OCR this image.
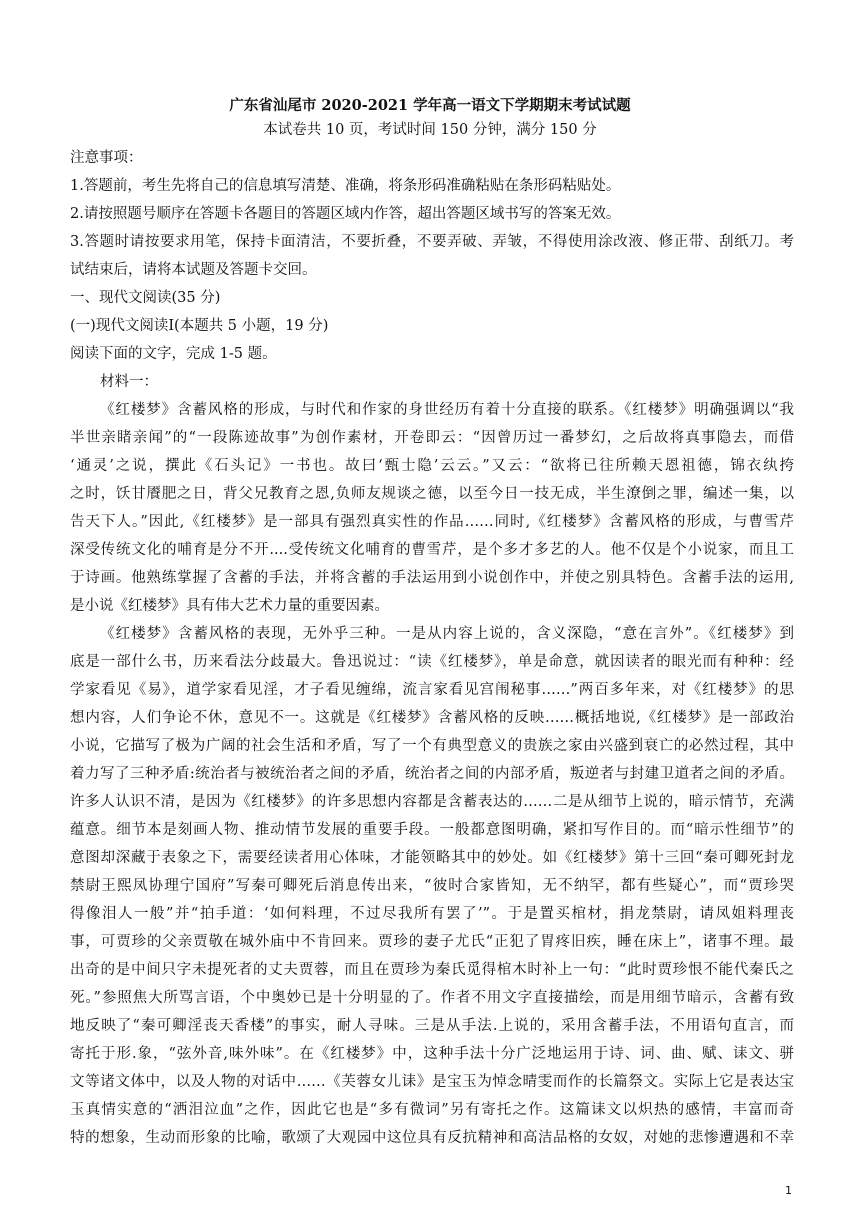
广东省汕尾市 2020-2021 学年高一语文下学期期末考试试题
本试卷共 10 页，考试时间 150 分钟，满分 150 分
注意事项：
1.答题前，考生先将自己的信息填写清楚、准确，将条形码准确粘贴在条形码粘贴处。
2.请按照题号顺序在答题卡各题目的答题区域内作答，超出答题区域书写的答案无效。
3.答题时请按要求用笔，保持卡面清洁，不要折叠，不要弄破、弄皱，不得使用涂改液、修正带、刮纸刀。考
试结束后，请将本试题及答题卡交回。
一、现代文阅读(35 分)
(一)现代文阅读Ⅰ(本题共 5 小题，19 分)
阅读下面的文字，完成 1-5 题。
材料一：
《红楼梦》含蓄风格的形成，与时代和作家的身世经历有着十分直接的联系。《红楼梦》明确强调以“我
半世亲睹亲闻”的“一段陈迹故事”为创作素材，开卷即云：“因曾历过一番梦幻，之后故将真事隐去，而借
‘通灵’之说，撰此《石头记》一书也。故曰‘甄士隐’云云。”又云：“欲将已往所赖天恩祖德，锦衣纨挎
之时，饫甘餍肥之日，背父兄教育之恩,负师友规谈之德，以至今日一技无成，半生潦倒之罪，编述一集，以
告天下人。”因此,《红楼梦》是一部具有强烈真实性的作品……同时,《红楼梦》含蓄风格的形成，与曹雪芹
深受传统文化的哺育是分不开....受传统文化哺育的曹雪芹，是个多才多艺的人。他不仅是个小说家，而且工
于诗画。他熟练掌握了含蓄的手法，并将含蓄的手法运用到小说创作中，并使之别具特色。含蓄手法的运用,
是小说《红楼梦》具有伟大艺术力量的重要因素。
《红楼梦》含蓄风格的表现，无外乎三种。一是从内容上说的，含义深隐，“意在言外”。《红楼梦》到
底是一部什么书，历来看法分歧最大。鲁迅说过：“读《红楼梦》，单是命意，就因读者的眼光而有种种：经
学家看见《易》，道学家看见淫，才子看见缠绵，流言家看见宫闱秘事……”两百多年来，对《红楼梦》的思
想内容，人们争论不休，意见不一。这就是《红楼梦》含蓄风格的反映……概括地说,《红楼梦》是一部政治
小说，它描写了极为广阔的社会生活和矛盾，写了一个有典型意义的贵族之家由兴盛到衰亡的必然过程，其中
着力写了三种矛盾:统治者与被统治者之间的矛盾，统治者之间的内部矛盾，叛逆者与封建卫道者之间的矛盾。
许多人认识不清，是因为《红楼梦》的许多思想内容都是含蓄表达的……二是从细节上说的，暗示情节，充满
蕴意。细节本是刻画人物、推动情节发展的重要手段。一般都意图明确，紧扣写作目的。而“暗示性细节”的
意图却深藏于表象之下，需要经读者用心体味，才能领略其中的妙处。如《红楼梦》第十三回“秦可卿死封龙
禁尉王熙凤协理宁国府”写秦可卿死后消息传出来，“彼时合家皆知，无不纳罕，都有些疑心”，而“贾珍哭
得像泪人一般”并“拍手道：‘如何料理，不过尽我所有罢了’”。于是置买棺材，捐龙禁尉，请凤姐料理丧
事，可贾珍的父亲贾敬在城外庙中不肯回来。贾珍的妻子尤氏“正犯了胃疼旧疾，睡在床上”，诸事不理。最
出奇的是中间只字未提死者的丈夫贾蓉，而且在贾珍为秦氏觅得棺木时补上一句：“此时贾珍恨不能代秦氏之
死。”参照焦大所骂言语，个中奥妙已是十分明显的了。作者不用文字直接描绘，而是用细节暗示，含蓄有致
地反映了“秦可卿淫丧天香楼”的事实，耐人寻味。三是从手法.上说的，采用含蓄手法，不用语句直言，而
寄托于形.象，“弦外音,味外味”。在《红楼梦》中，这种手法十分广泛地运用于诗、词、曲、赋、诔文、骈
文等诸文体中，以及人物的对话中……《芙蓉女儿诔》是宝玉为悼念晴雯而作的长篇祭文。实际上它是表达宝
玉真情实意的“洒泪泣血”之作，因此它也是“多有微词”另有寄托之作。这篇诔文以炽热的感情，丰富而奇
特的想象，生动而形象的比喻，歌颂了大观园中这位具有反抗精神和高洁品格的女奴，对她的悲惨遭遇和不幸
1
